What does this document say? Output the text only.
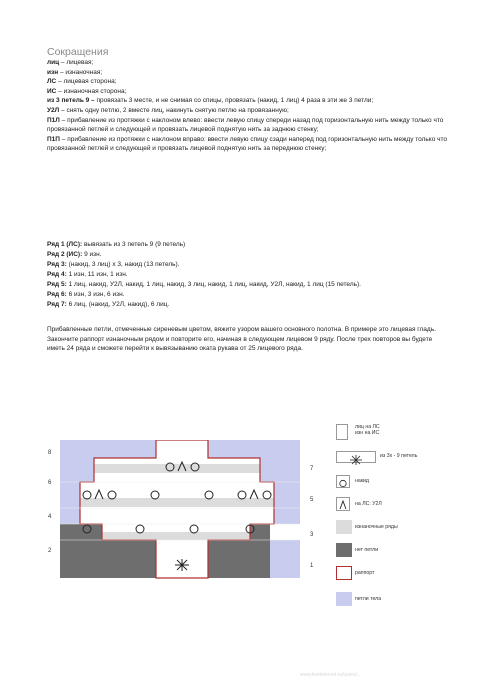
Сокращения

лиц – лицевая;

изн – изнаночная;

ЛС – лицевая сторона;

ИС – изнаночная сторона;

из 3 петель 9 – провязать 3 месте, и не снимая со спицы, провязать (накид, 1 лиц) 4 раза в эти же 3 петли;

У2Л – снять одну петлю, 2 вместе лиц, накинуть снятую петлю на провязанную;

П1Л – прибавление из протяжки с наклоном влево: ввести левую спицу спереди назад под горизонтальную нить между только что провязанной петлей и следующей и провязать лицевой поднятую нить за заднюю стенку;

П1П – прибавление из протяжки с наклоном вправо: ввести левую спицу сзади наперед под горизонтальную нить между только что провязанной петлей и следующей и провязать лицевой поднятую нить за переднюю стенку;

Ряд 1 (ЛС): вывязать из 3 петель 9 (9 петель)

Ряд 2 (ИС): 9 изн.

Ряд 3: (накид, 3 лиц) х 3, накид (13 петель).

Ряд 4: 1 изн, 11 изн, 1 изн.

Ряд 5: 1 лиц, накид, У2Л, накид, 1 лиц, накид, 3 лиц, накид, 1 лиц, накид, У2Л, накид, 1 лиц (15 петель).

Ряд 6: 6 изн, 3 изн, 6 изн.

Ряд 7: 6 лиц, (накид, У2Л, накид), 6 лиц.

Прибавленные петли, отмеченные сиреневым цветом, вяжите узором вашего основного полотна. В примере это лицевая гладь.

Закончите раппорт изнаночным рядом и повторите его, начиная в следующем лицевом 9 ряду. После трех повторов вы будете иметь 24 ряда и сможете перейти к вывязыванию оката рукава от 25 лицевого ряда.

8
6
4
2
7
5
3
1
лиц на ЛС
изн на ИС
из 3х - 9 петель
накид
на ЛС: У2Л
изнаночные ряды
нет петли
раппорт
петли тела
www.liveinternet.ru/users/...
